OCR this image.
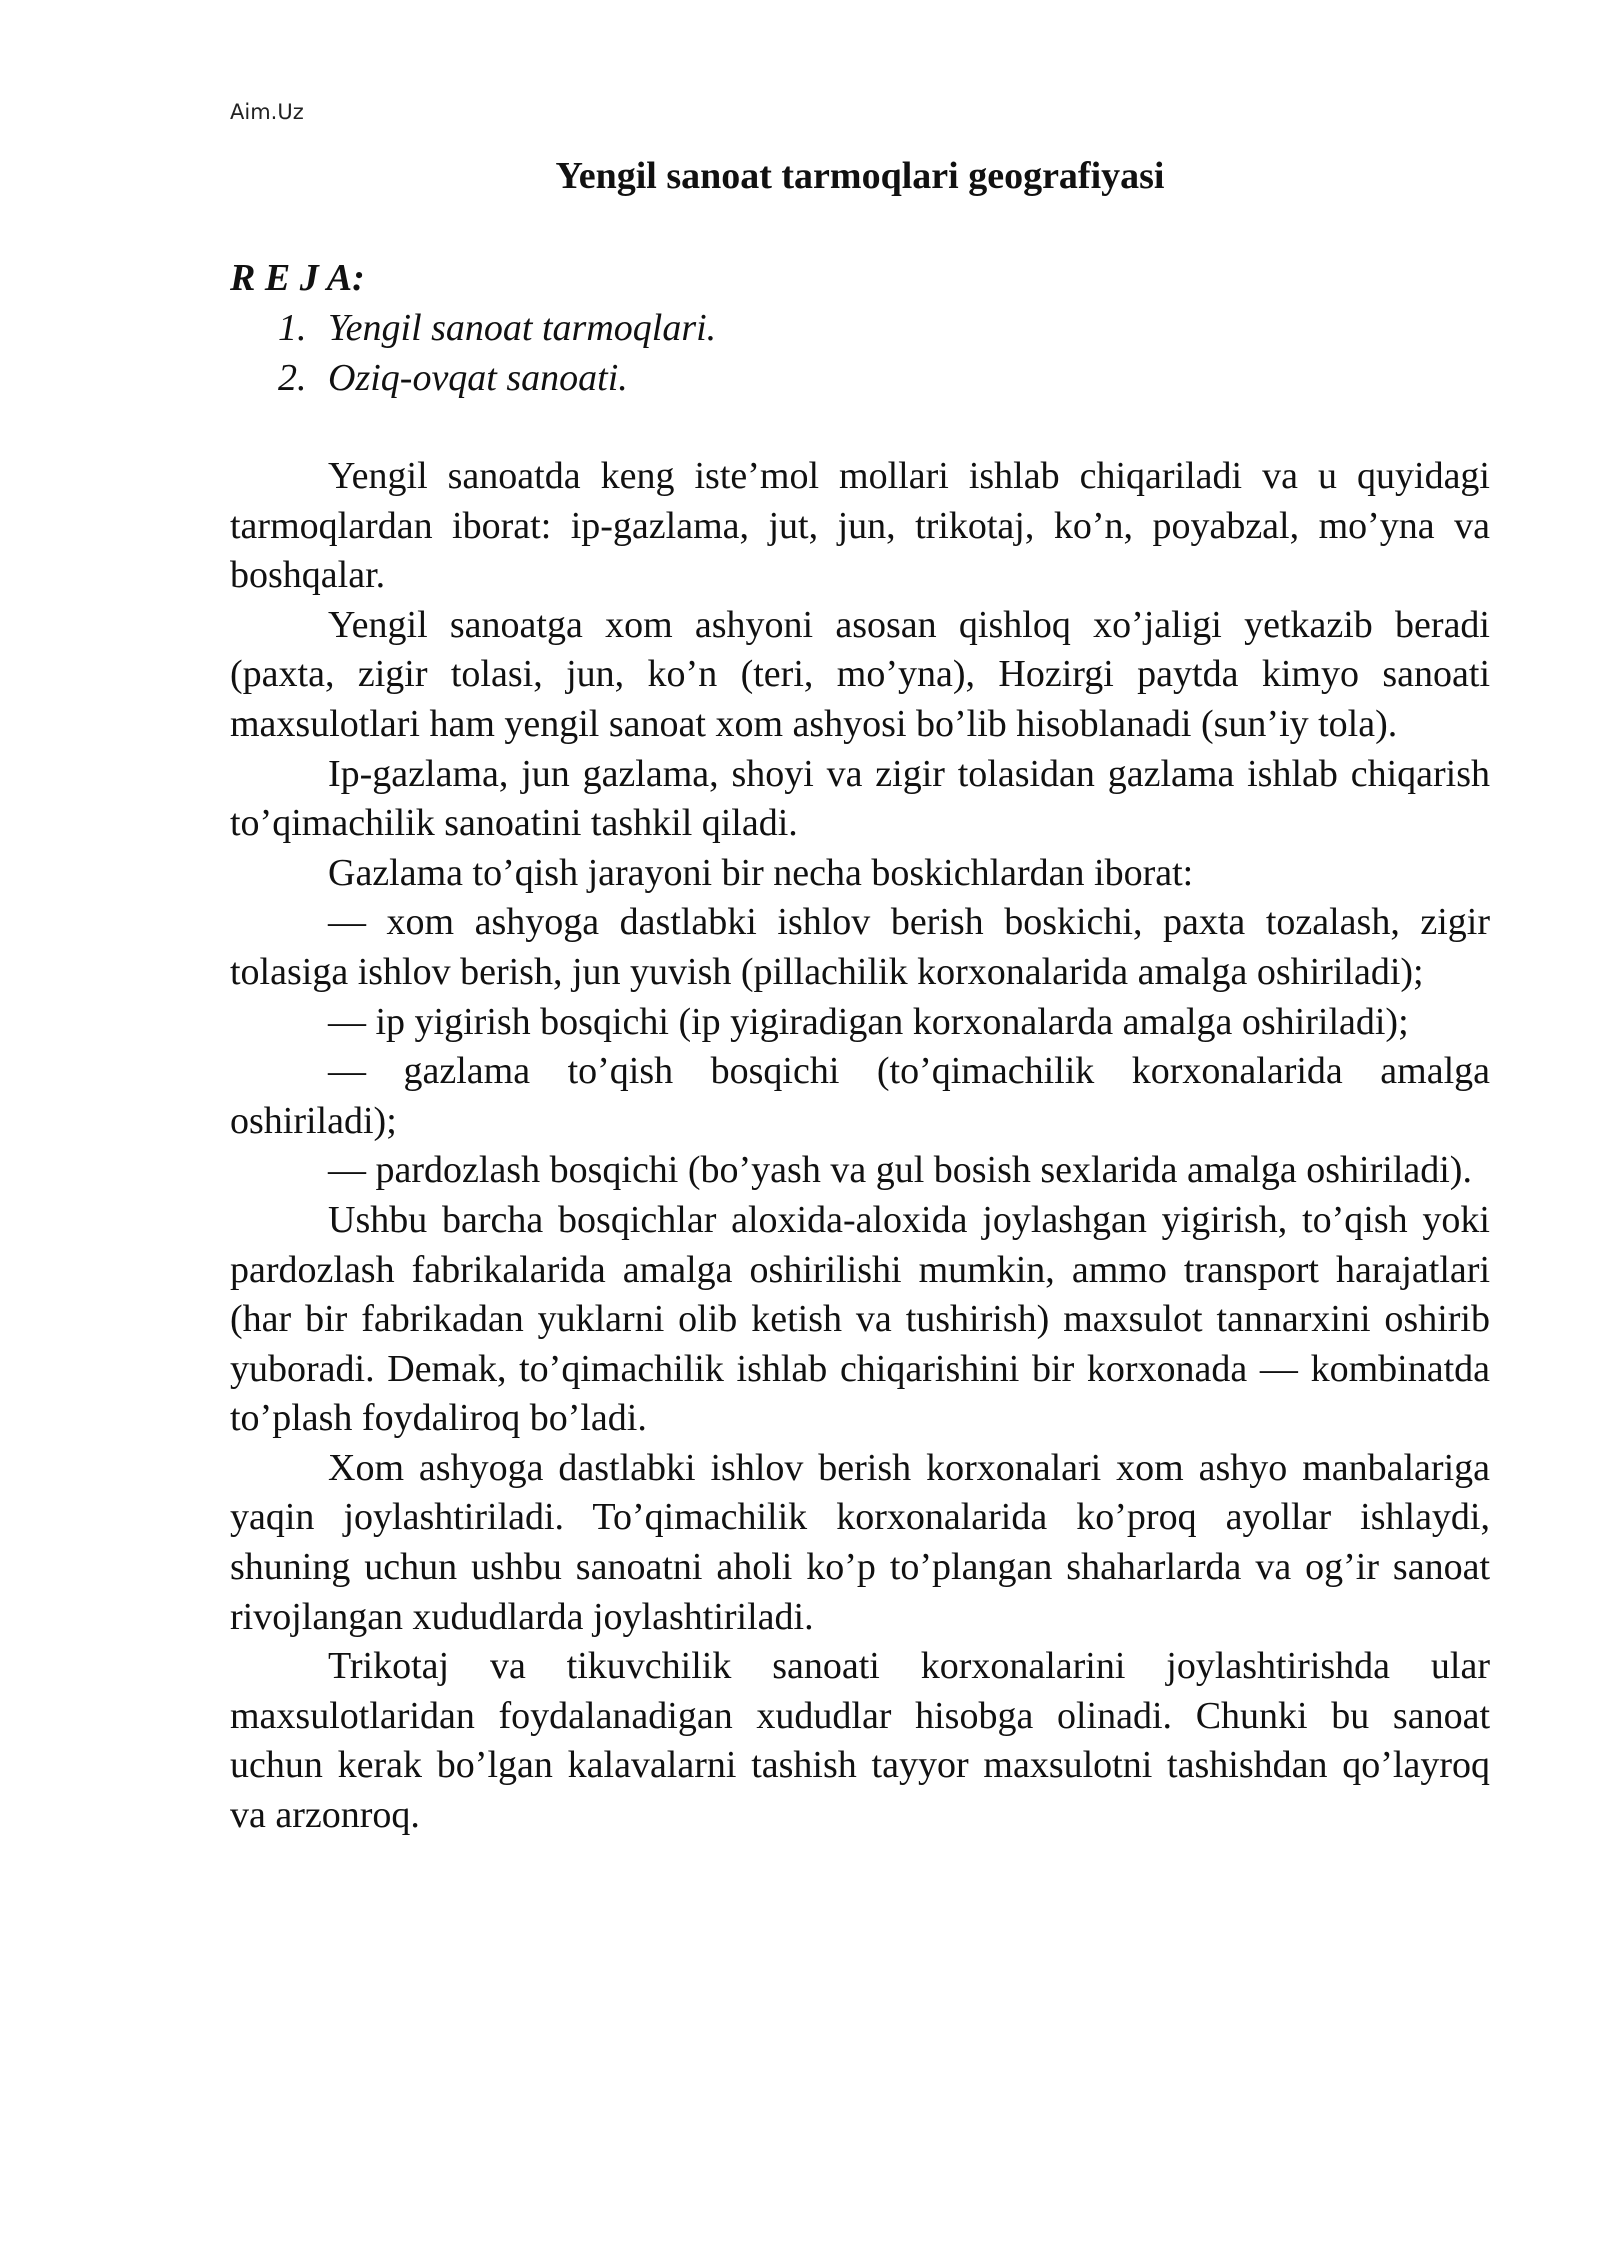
Aim.Uz
Yengil sanoat tarmoqlari geografiyasi
R E J A:
1. Yengil sanoat tarmoqlari.
2. Oziq-ovqat sanoati.

Yengil sanoatda keng iste’mol mollari ishlab chiqariladi va u quyidagi tarmoqlardan iborat: ip-gazlama, jut, jun, trikotaj, ko’n, poyabzal, mo’yna va boshqalar.

Yengil sanoatga xom ashyoni asosan qishloq xo’jaligi yetkazib beradi (paxta, zigir tolasi, jun, ko’n (teri, mo’yna), Hozirgi paytda kimyo sanoati maxsulotlari ham yengil sanoat xom ashyosi bo’lib hisoblanadi (sun’iy tola).

Ip-gazlama, jun gazlama, shoyi va zigir tolasidan gazlama ishlab chiqarish to’qimachilik sanoatini tashkil qiladi.

Gazlama to’qish jarayoni bir necha boskichlardan iborat:

— xom ashyoga dastlabki ishlov berish boskichi, paxta tozalash, zigir tolasiga ishlov berish, jun yuvish (pillachilik korxonalarida amalga oshiriladi);

— ip yigirish bosqichi (ip yigiradigan korxonalarda amalga oshiriladi);

— gazlama to’qish bosqichi (to’qimachilik korxonalarida amalga oshiriladi);

— pardozlash bosqichi (bo’yash va gul bosish sexlarida amalga oshiriladi).

Ushbu barcha bosqichlar aloxida-aloxida joylashgan yigirish, to’qish yoki pardozlash fabrikalarida amalga oshirilishi mumkin, ammo transport harajatlari (har bir fabrikadan yuklarni olib ketish va tushirish) maxsulot tannarxini oshirib yuboradi. Demak, to’qimachilik ishlab chiqarishini bir korxonada — kombinatda to’plash foydaliroq bo’ladi.

Xom ashyoga dastlabki ishlov berish korxonalari xom ashyo manbalariga yaqin joylashtiriladi. To’qimachilik korxonalarida ko’proq ayollar ishlaydi, shuning uchun ushbu sanoatni aholi ko’p to’plangan shaharlarda va og’ir sanoat rivojlangan xududlarda joylashtiriladi.

Trikotaj va tikuvchilik sanoati korxonalarini joylashtirishda ular maxsulotlaridan foydalanadigan xududlar hisobga olinadi. Chunki bu sanoat uchun kerak bo’lgan kalavalarni tashish tayyor maxsulotni tashishdan qo’layroq va arzonroq.
